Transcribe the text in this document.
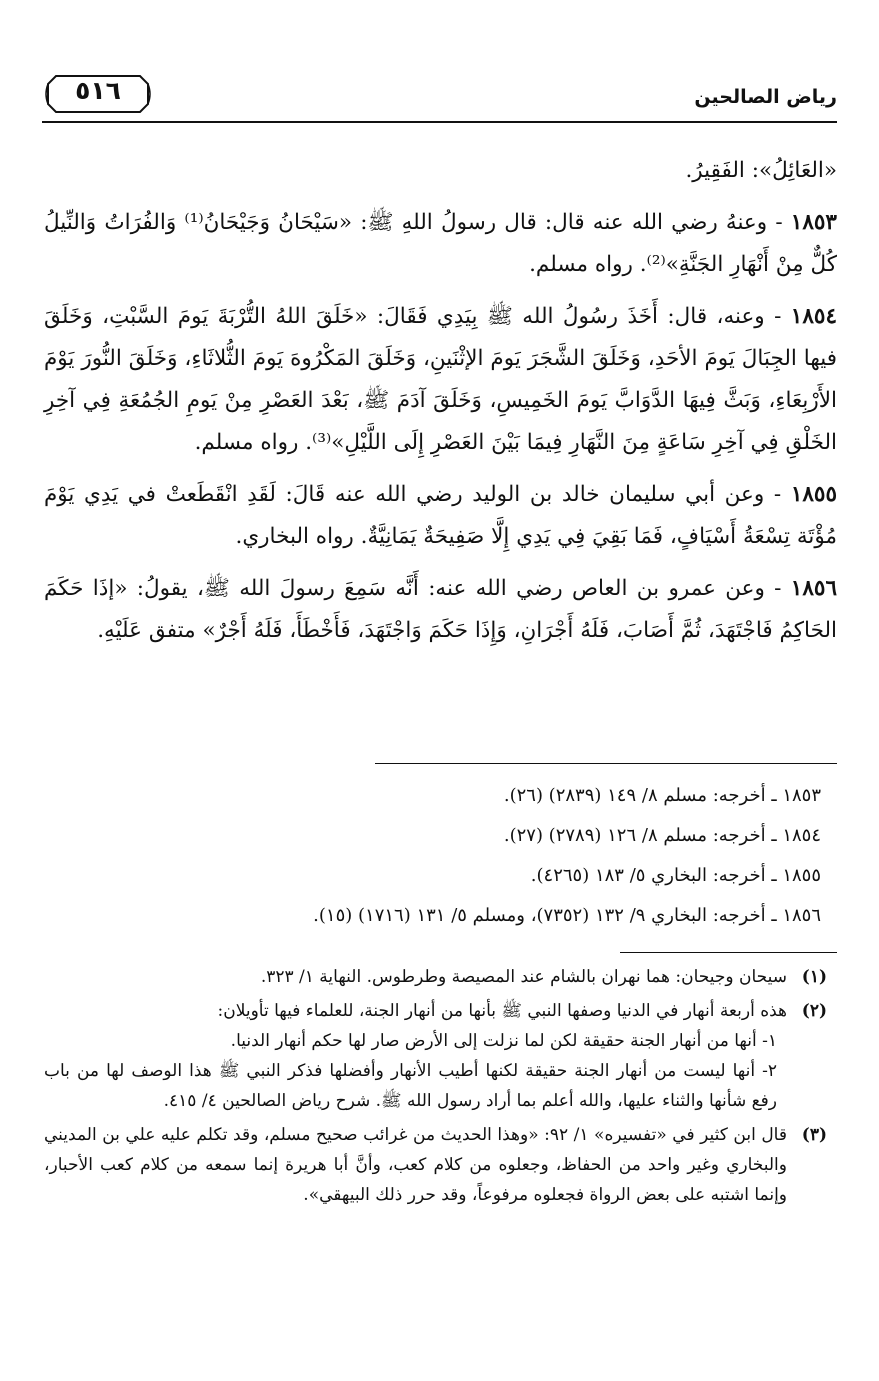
٥١٦	رياض الصالحين

«العَائِلُ»: الفَقِيرُ.

١٨٥٣ - وعنهُ رضي الله عنه قال: قال رسولُ اللهِ ﷺ: «سَيْحَانُ وَجَيْحَانُ⁽¹⁾ وَالفُرَاتُ وَالنِّيلُ كُلٌّ مِنْ أَنْهَارِ الجَنَّةِ»⁽²⁾. رواه مسلم.

١٨٥٤ - وعنه، قال: أَخَذَ رسُولُ الله ﷺ بِيَدِي فَقَالَ: «خَلَقَ اللهُ التُّرْبَةَ يَومَ السَّبْتِ، وَخَلَقَ فيها الجِبَالَ يَومَ الأحَدِ، وَخَلَقَ الشَّجَرَ يَومَ الإثْنَينِ، وَخَلَقَ المَكْرُوهَ يَومَ الثُّلاثَاءِ، وَخَلَقَ النُّورَ يَوْمَ الأَرْبِعَاءِ، وَبَثَّ فِيهَا الدَّوَابَّ يَومَ الخَمِيسِ، وَخَلَقَ آدَمَ ﷺ، بَعْدَ العَصْرِ مِنْ يَومِ الجُمُعَةِ فِي آخِرِ الخَلْقِ فِي آخِرِ سَاعَةٍ مِنَ النَّهَارِ فِيمَا بَيْنَ العَصْرِ إِلَى اللَّيْلِ»⁽³⁾. رواه مسلم.

١٨٥٥ - وعن أبي سليمان خالد بن الوليد رضي الله عنه قَالَ: لَقَدِ انْقَطَعتْ في يَدِي يَوْمَ مُؤْتَة تِسْعَةُ أَسْيَافٍ، فَمَا بَقِيَ فِي يَدِي إِلَّا صَفِيحَةٌ يَمَانِيَّةٌ. رواه البخاري.

١٨٥٦ - وعن عمرو بن العاص رضي الله عنه: أَنَّه سَمِعَ رسولَ الله ﷺ، يقولُ: «إذَا حَكَمَ الحَاكِمُ فَاجْتَهَدَ، ثُمَّ أَصَابَ، فَلَهُ أَجْرَانِ، وَإِذَا حَكَمَ وَاجْتَهَدَ، فَأَخْطَأَ، فَلَهُ أَجْرٌ» متفق عَلَيْهِ.

١٨٥٣ ـ أخرجه: مسلم ٨/ ١٤٩ (٢٨٣٩) (٢٦).
١٨٥٤ ـ أخرجه: مسلم ٨/ ١٢٦ (٢٧٨٩) (٢٧).
١٨٥٥ ـ أخرجه: البخاري ٥/ ١٨٣ (٤٢٦٥).
١٨٥٦ ـ أخرجه: البخاري ٩/ ١٣٢ (٧٣٥٢)، ومسلم ٥/ ١٣١ (١٧١٦) (١٥).
(١)
سيحان وجيحان: هما نهران بالشام عند المصيصة وطرطوس. النهاية ١/ ٣٢٣.
(٢)
هذه أربعة أنهار في الدنيا وصفها النبي ﷺ بأنها من أنهار الجنة، للعلماء فيها تأويلان:
١- أنها من أنهار الجنة حقيقة لكن لما نزلت إلى الأرض صار لها حكم أنهار الدنيا.
٢- أنها ليست من أنهار الجنة حقيقة لكنها أطيب الأنهار وأفضلها فذكر النبي ﷺ هذا الوصف لها من باب رفع شأنها والثناء عليها، والله أعلم بما أراد رسول الله ﷺ. شرح رياض الصالحين ٤/ ٤١٥.
(٣)
قال ابن كثير في «تفسيره» ١/ ٩٢: «وهذا الحديث من غرائب صحيح مسلم، وقد تكلم عليه علي بن المديني والبخاري وغير واحد من الحفاظ، وجعلوه من كلام كعب، وأنَّ أبا هريرة إنما سمعه من كلام كعب الأحبار، وإنما اشتبه على بعض الرواة فجعلوه مرفوعاً، وقد حرر ذلك البيهقي».
